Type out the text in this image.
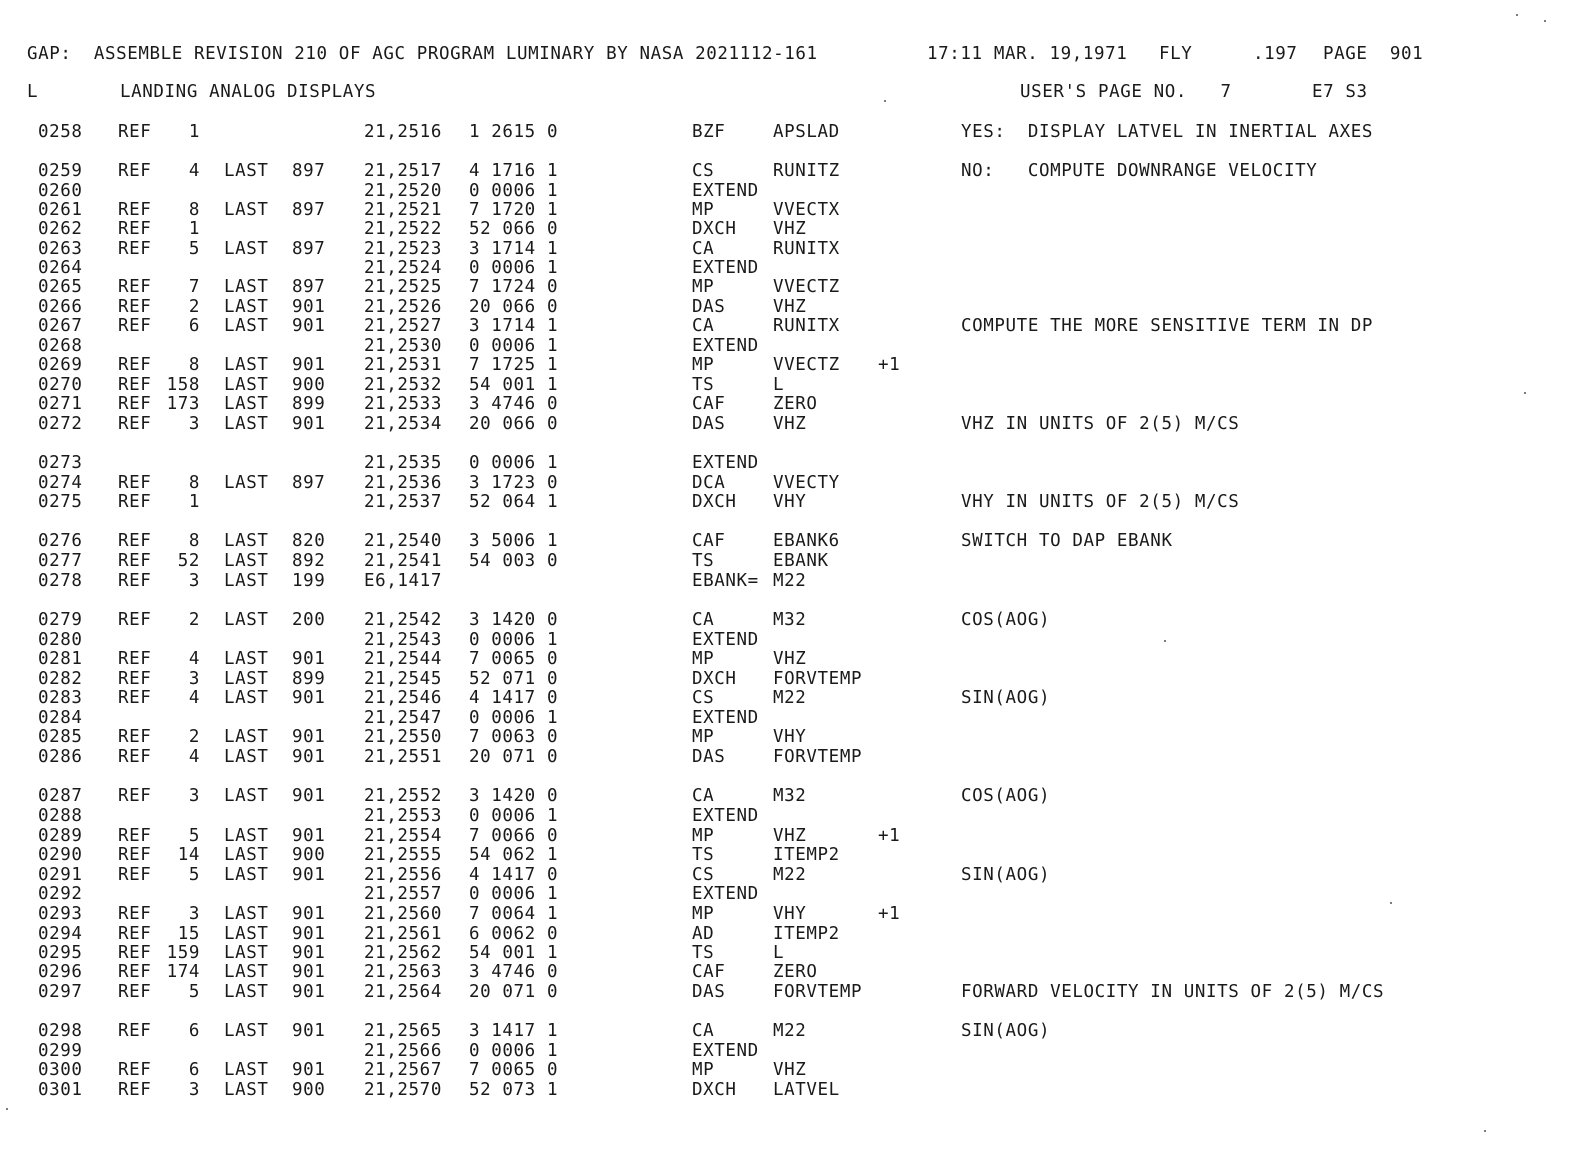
GAP:  ASSEMBLE REVISION 210 OF AGC PROGRAM LUMINARY BY NASA 2021112-161	17:11 MAR. 19,1971 FLY	.197 PAGE  901
L	LANDING ANALOG DISPLAYS	USER'S PAGE NO.   7	E7 S3
0258 REF	1	21,2516 1 2615 0	BZF	APSLAD	YES:  DISPLAY LATVEL IN INERTIAL AXES
0259 REF	4 LAST 897 21,2517 4 1716 1	CS	RUNITZ	NO:   COMPUTE DOWNRANGE VELOCITY
0260	21,2520 0 0006 1	EXTEND
0261 REF	8 LAST 897 21,2521 7 1720 1	MP	VVECTX
0262 REF	1	21,2522 52 066 0	DXCH VHZ
0263 REF	5 LAST 897 21,2523 3 1714 1	CA	RUNITX
0264	21,2524 0 0006 1	EXTEND
0265 REF	7 LAST 897 21,2525 7 1724 0	MP	VVECTZ
0266 REF	2 LAST 901 21,2526 20 066 0	DAS	VHZ
0267 REF	6 LAST 901 21,2527 3 1714 1	CA	RUNITX	COMPUTE THE MORE SENSITIVE TERM IN DP
0268	21,2530 0 0006 1	EXTEND
0269 REF	8 LAST 901 21,2531 7 1725 1	MP	VVECTZ +1
0270 REF 158 LAST 900 21,2532 54 001 1	TS	L
0271 REF 173 LAST 899 21,2533 3 4746 0	CAF	ZERO
0272 REF	3 LAST 901 21,2534 20 066 0	DAS	VHZ	VHZ IN UNITS OF 2(5) M/CS
0273	21,2535 0 0006 1	EXTEND
0274 REF	8 LAST 897 21,2536 3 1723 0	DCA	VVECTY
0275 REF	1	21,2537 52 064 1	DXCH VHY	VHY IN UNITS OF 2(5) M/CS
0276 REF	8 LAST 820 21,2540 3 5006 1	CAF	EBANK6	SWITCH TO DAP EBANK
0277 REF	52 LAST 892 21,2541 54 003 0	TS	EBANK
0278 REF	3 LAST 199 E6,1417	EBANK= M22
0279 REF	2 LAST 200 21,2542 3 1420 0	CA	M32	COS(AOG)
0280	21,2543 0 0006 1	EXTEND
0281 REF	4 LAST 901 21,2544 7 0065 0	MP	VHZ
0282 REF	3 LAST 899 21,2545 52 071 0	DXCH FORVTEMP
0283 REF	4 LAST 901 21,2546 4 1417 0	CS	M22	SIN(AOG)
0284	21,2547 0 0006 1	EXTEND
0285 REF	2 LAST 901 21,2550 7 0063 0	MP	VHY
0286 REF	4 LAST 901 21,2551 20 071 0	DAS	FORVTEMP
0287 REF	3 LAST 901 21,2552 3 1420 0	CA	M32	COS(AOG)
0288	21,2553 0 0006 1	EXTEND
0289 REF	5 LAST 901 21,2554 7 0066 0	MP	VHZ	+1
0290 REF	14 LAST 900 21,2555 54 062 1	TS	ITEMP2
0291 REF	5 LAST 901 21,2556 4 1417 0	CS	M22	SIN(AOG)
0292	21,2557 0 0006 1	EXTEND
0293 REF	3 LAST 901 21,2560 7 0064 1	MP	VHY	+1
0294 REF	15 LAST 901 21,2561 6 0062 0	AD	ITEMP2
0295 REF 159 LAST 901 21,2562 54 001 1	TS	L
0296 REF 174 LAST 901 21,2563 3 4746 0	CAF	ZERO
0297 REF	5 LAST 901 21,2564 20 071 0	DAS	FORVTEMP	FORWARD VELOCITY IN UNITS OF 2(5) M/CS
0298 REF	6 LAST 901 21,2565 3 1417 1	CA	M22	SIN(AOG)
0299	21,2566 0 0006 1	EXTEND
0300 REF	6 LAST 901 21,2567 7 0065 0	MP	VHZ
0301 REF	3 LAST 900 21,2570 52 073 1	DXCH LATVEL
